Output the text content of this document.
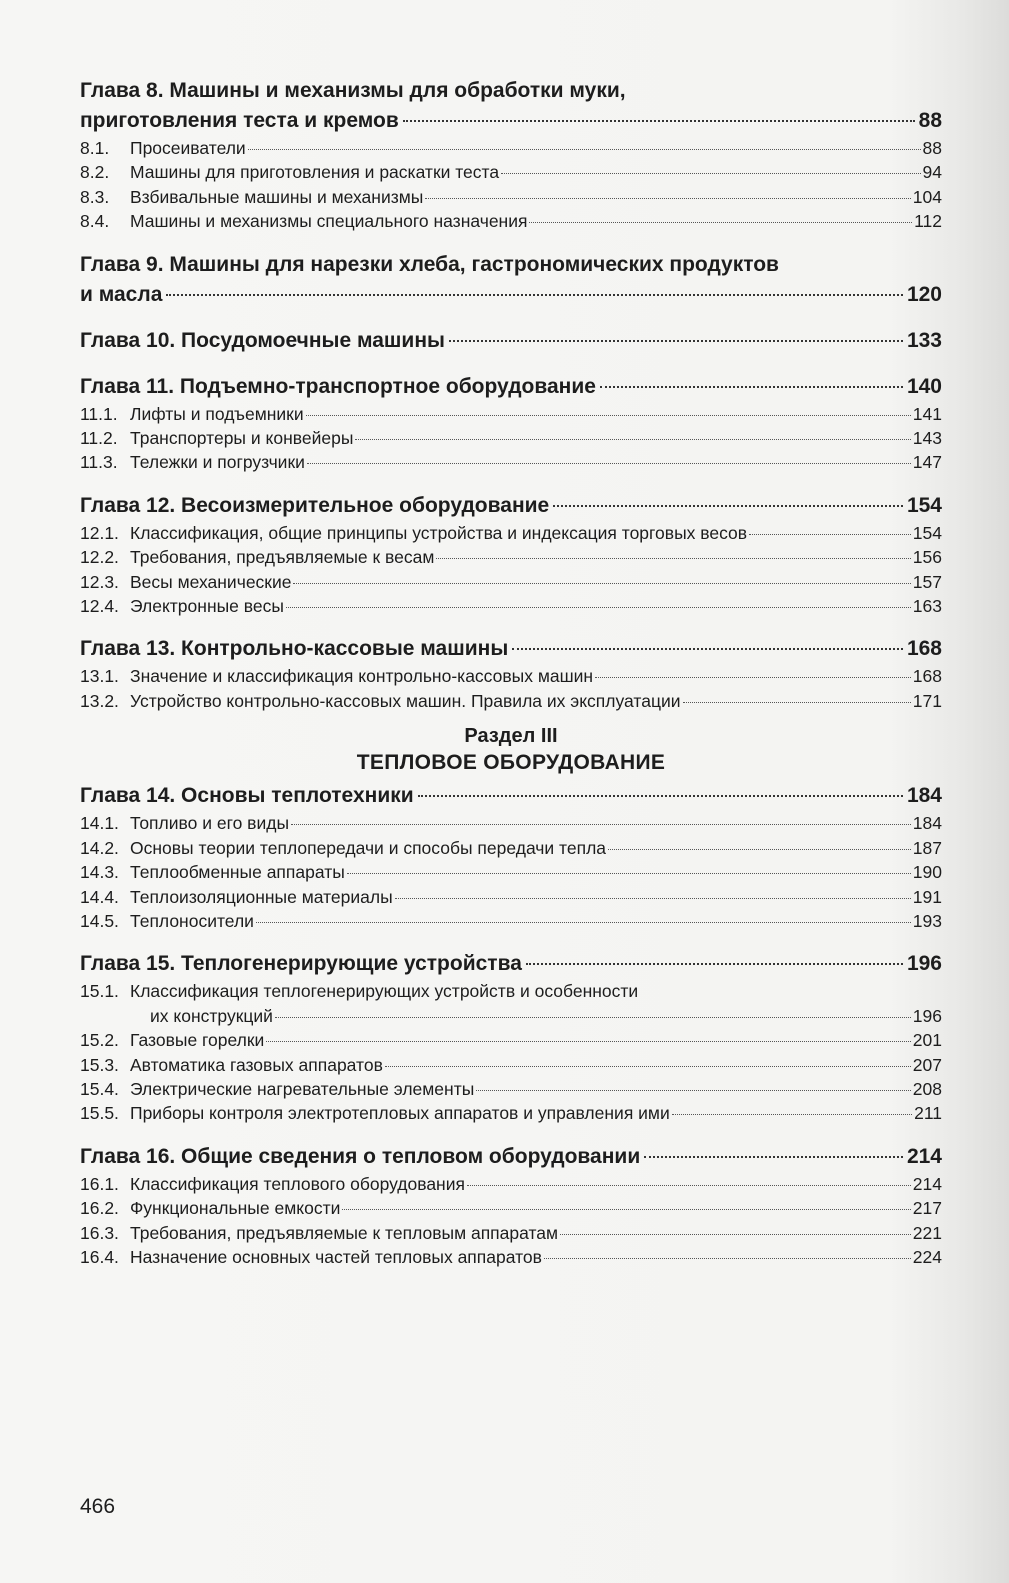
Глава 8. Машины и механизмы для обработки муки,
приготовления теста и кремов	88
8.1.	Просеиватели	88
8.2.	Машины для приготовления и раскатки теста	94
8.3.	Взбивальные машины и механизмы	104
8.4.	Машины и механизмы специального назначения	112
Глава 9. Машины для нарезки хлеба, гастрономических продуктов
и масла	120
Глава 10. Посудомоечные машины	133
Глава 11. Подъемно-транспортное оборудование	140
11.1. Лифты и подъемники	141
11.2. Транспортеры и конвейеры	143
11.3. Тележки и погрузчики	147
Глава 12. Весоизмерительное оборудование	154
12.1. Классификация, общие принципы устройства и индексация торговых весов	154
12.2. Требования, предъявляемые к весам	156
12.3. Весы механические	157
12.4. Электронные весы	163
Глава 13. Контрольно-кассовые машины	168
13.1. Значение и классификация контрольно-кассовых машин	168
13.2. Устройство контрольно-кассовых машин. Правила их эксплуатации	171
Раздел III
ТЕПЛОВОЕ ОБОРУДОВАНИЕ
Глава 14. Основы теплотехники	184
14.1. Топливо и его виды	184
14.2. Основы теории теплопередачи и способы передачи тепла	187
14.3. Теплообменные аппараты	190
14.4. Теплоизоляционные материалы	191
14.5. Теплоносители	193
Глава 15. Теплогенерирующие устройства	196
15.1. Классификация теплогенерирующих устройств и особенности
их конструкций	196
15.2. Газовые горелки	201
15.3. Автоматика газовых аппаратов	207
15.4. Электрические нагревательные элементы	208
15.5. Приборы контроля электротепловых аппаратов и управления ими	211
Глава 16. Общие сведения о тепловом оборудовании	214
16.1. Классификация теплового оборудования	214
16.2. Функциональные емкости	217
16.3. Требования, предъявляемые к тепловым аппаратам	221
16.4. Назначение основных частей тепловых аппаратов	224
466
